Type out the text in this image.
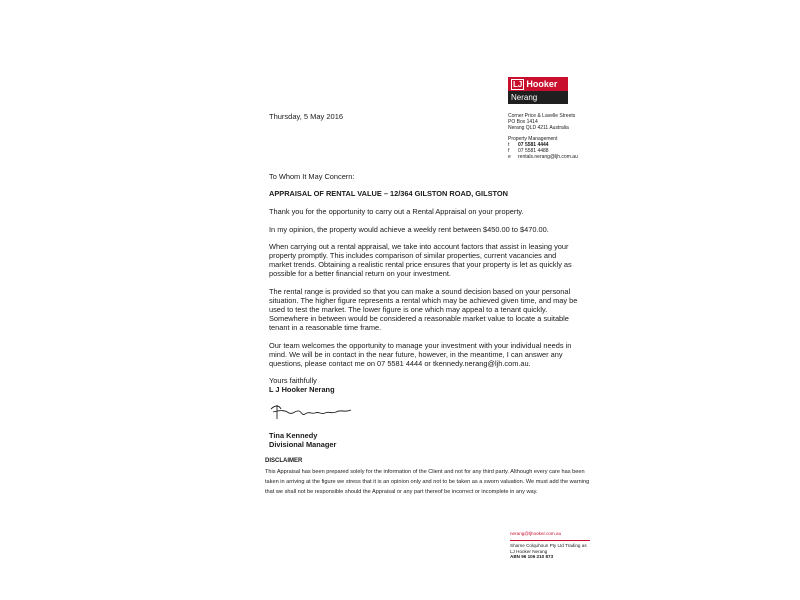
LJ Hooker
Nerang
Thursday, 5 May 2016	Corner Price & Lavelle Streets
PO Box 1414
Nerang QLD 4211 Australia
Property Management
t	07 5581 4444
f	07 5581 4488
e rentals.nerang@ljh.com.au

To Whom It May Concern:

APPRAISAL OF RENTAL VALUE – 12/364 GILSTON ROAD, GILSTON

Thank you for the opportunity to carry out a Rental Appraisal on your property.

In my opinion, the property would achieve a weekly rent between $450.00 to $470.00.

When carrying out a rental appraisal, we take into account factors that assist in leasing your property promptly. This includes comparison of similar properties, current vacancies and market trends. Obtaining a realistic rental price ensures that your property is let as quickly as possible for a better financial return on your investment.

The rental range is provided so that you can make a sound decision based on your personal situation. The higher figure represents a rental which may be achieved given time, and may be used to test the market. The lower figure is one which may appeal to a tenant quickly. Somewhere in between would be considered a reasonable market value to locate a suitable tenant in a reasonable time frame.

Our team welcomes the opportunity to manage your investment with your individual needs in mind. We will be in contact in the near future, however, in the meantime, I can answer any questions, please contact me on 07 5581 4444 or tkennedy.nerang@ljh.com.au.

Yours faithfully
L J Hooker Nerang
Tina Kennedy
Divisional Manager
DISCLAIMER
This Appraisal has been prepared solely for the information of the Client and not for any third party. Although every care has been taken in arriving at the figure we stress that it is an opinion only and not to be taken as a sworn valuation. We must add the warning that we shall not be responsible should the Appraisal or any part thereof be incorrect or incomplete in any way.
nerang@ljhooker.com.au
Sharne Colquhoun Pty Ltd Trading as
LJ Hooker Nerang
ABN 96 106 210 873
